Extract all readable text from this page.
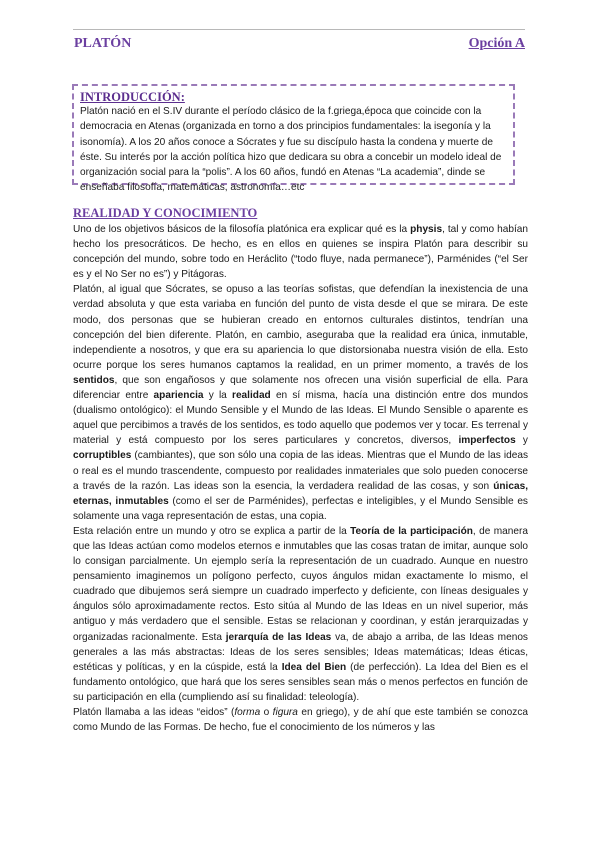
PLATÓN	Opción A
INTRODUCCIÓN:
Platón nació en el S.IV durante el período clásico de la f.griega,época que coincide con la democracia en Atenas (organizada en torno a dos principios fundamentales: la isegonía y la isonomía). A los 20 años conoce a Sócrates y fue su discípulo hasta la condena y muerte de éste. Su interés por la acción política hizo que dedicara su obra a concebir un modelo ideal de organización social para la “polis”. A los 60 años, fundó en Atenas “La academia”, dinde se enseñaba filosofía, matemáticas, astronomía…etc
REALIDAD Y CONOCIMIENTO

Uno de los objetivos básicos de la filosofía platónica era explicar qué es la physis, tal y como habían hecho los presocráticos. De hecho, es en ellos en quienes se inspira Platón para describir su concepción del mundo, sobre todo en Heráclito (“todo fluye, nada permanece”), Parménides (“el Ser es y el No Ser no es”) y Pitágoras.

Platón, al igual que Sócrates, se opuso a las teorías sofistas, que defendían la inexistencia de una verdad absoluta y que esta variaba en función del punto de vista desde el que se mirara. De este modo, dos personas que se hubieran creado en entornos culturales distintos, tendrían una concepción del bien diferente. Platón, en cambio, aseguraba que la realidad era única, inmutable, independiente a nosotros, y que era su apariencia lo que distorsionaba nuestra visión de ella. Esto ocurre porque los seres humanos captamos la realidad, en un primer momento, a través de los sentidos, que son engañosos y que solamente nos ofrecen una visión superficial de ella. Para diferenciar entre apariencia y la realidad en sí misma, hacía una distinción entre dos mundos (dualismo ontológico): el Mundo Sensible y el Mundo de las Ideas. El Mundo Sensible o aparente es aquel que percibimos a través de los sentidos, es todo aquello que podemos ver y tocar. Es terrenal y material y está compuesto por los seres particulares y concretos, diversos, imperfectos y corruptibles (cambiantes), que son sólo una copia de las ideas. Mientras que el Mundo de las ideas o real es el mundo trascendente, compuesto por realidades inmateriales que solo pueden conocerse a través de la razón. Las ideas son la esencia, la verdadera realidad de las cosas, y son únicas, eternas, inmutables (como el ser de Parménides), perfectas e inteligibles, y el Mundo Sensible es solamente una vaga representación de estas, una copia.

Esta relación entre un mundo y otro se explica a partir de la Teoría de la participación, de manera que las Ideas actúan como modelos eternos e inmutables que las cosas tratan de imitar, aunque solo lo consigan parcialmente. Un ejemplo sería la representación de un cuadrado. Aunque en nuestro pensamiento imaginemos un polígono perfecto, cuyos ángulos midan exactamente lo mismo, el cuadrado que dibujemos será siempre un cuadrado imperfecto y deficiente, con líneas desiguales y ángulos sólo aproximadamente rectos. Esto sitúa al Mundo de las Ideas en un nivel superior, más antiguo y más verdadero que el sensible. Estas se relacionan y coordinan, y están jerarquizadas y organizadas racionalmente. Esta jerarquía de las Ideas va, de abajo a arriba, de las Ideas menos generales a las más abstractas: Ideas de los seres sensibles; Ideas matemáticas; Ideas éticas, estéticas y políticas, y en la cúspide, está la Idea del Bien (de perfección). La Idea del Bien es el fundamento ontológico, que hará que los seres sensibles sean más o menos perfectos en función de su participación en ella (cumpliendo así su finalidad: teleología).

Platón llamaba a las ideas “eidos” (forma o figura en griego), y de ahí que este también se conozca como Mundo de las Formas. De hecho, fue el conocimiento de los números y las
